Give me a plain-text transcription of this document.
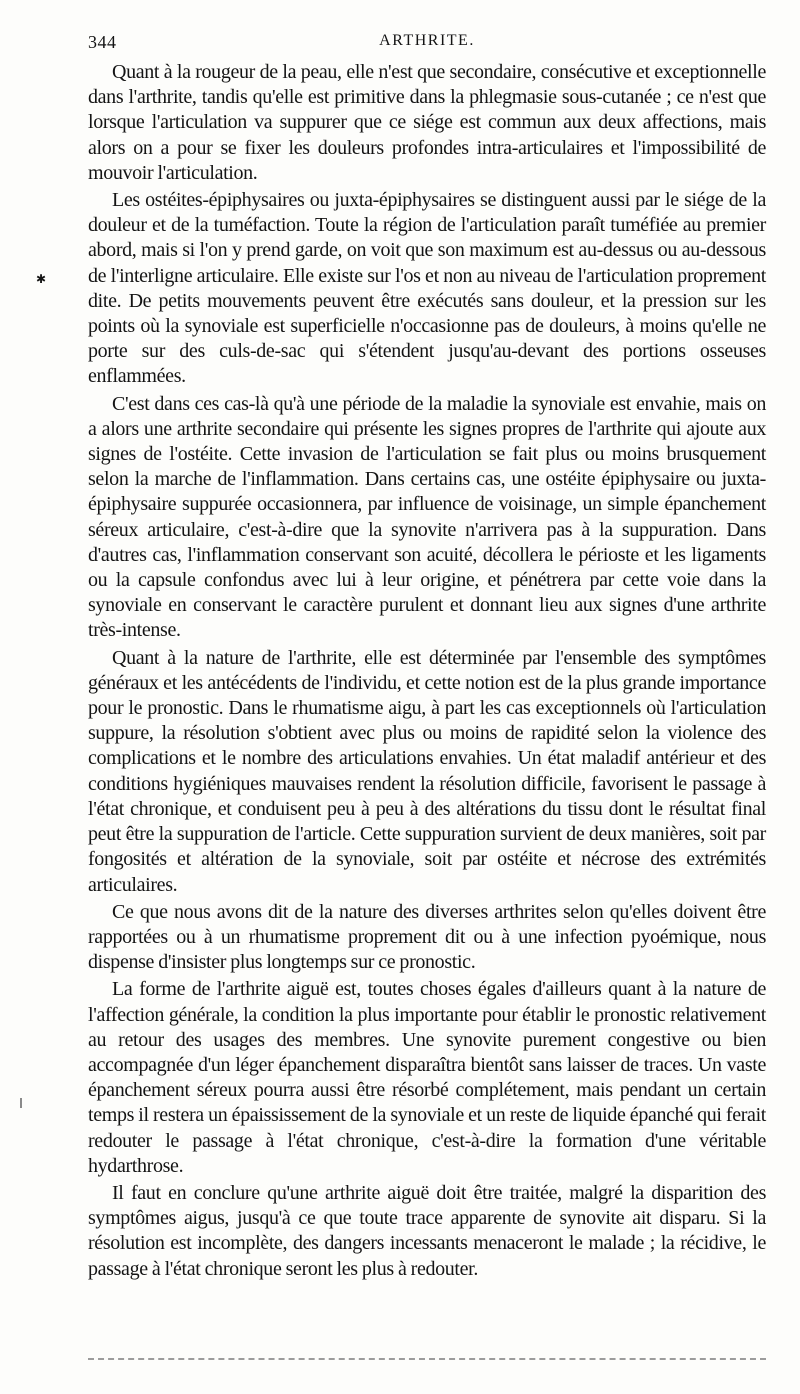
344	ARTHRITE.
✱

Quant à la rougeur de la peau, elle n'est que secondaire, consécutive et exceptionnelle dans l'arthrite, tandis qu'elle est primitive dans la phlegmasie sous-cutanée ; ce n'est que lorsque l'articulation va suppurer que ce siége est commun aux deux affections, mais alors on a pour se fixer les douleurs profondes intra-articulaires et l'impossibilité de mouvoir l'articulation.

Les ostéites-épiphysaires ou juxta-épiphysaires se distinguent aussi par le siége de la douleur et de la tuméfaction. Toute la région de l'articulation paraît tuméfiée au premier abord, mais si l'on y prend garde, on voit que son maximum est au-dessus ou au-dessous de l'interligne articulaire. Elle existe sur l'os et non au niveau de l'articulation proprement dite. De petits mouvements peuvent être exécutés sans douleur, et la pression sur les points où la synoviale est superficielle n'occasionne pas de douleurs, à moins qu'elle ne porte sur des culs-de-sac qui s'étendent jusqu'au-devant des portions osseuses enflammées.

C'est dans ces cas-là qu'à une période de la maladie la synoviale est envahie, mais on a alors une arthrite secondaire qui présente les signes propres de l'arthrite qui ajoute aux signes de l'ostéite. Cette invasion de l'articulation se fait plus ou moins brusquement selon la marche de l'inflammation. Dans certains cas, une ostéite épiphysaire ou juxta-épiphysaire suppurée occasionnera, par influence de voisinage, un simple épanchement séreux articulaire, c'est-à-dire que la synovite n'arrivera pas à la suppuration. Dans d'autres cas, l'inflammation conservant son acuité, décollera le périoste et les ligaments ou la capsule confondus avec lui à leur origine, et pénétrera par cette voie dans la synoviale en conservant le caractère purulent et donnant lieu aux signes d'une arthrite très-intense.

Quant à la nature de l'arthrite, elle est déterminée par l'ensemble des symptômes généraux et les antécédents de l'individu, et cette notion est de la plus grande importance pour le pronostic. Dans le rhumatisme aigu, à part les cas exceptionnels où l'articulation suppure, la résolution s'obtient avec plus ou moins de rapidité selon la violence des complications et le nombre des articulations envahies. Un état maladif antérieur et des conditions hygiéniques mauvaises rendent la résolution difficile, favorisent le passage à l'état chronique, et conduisent peu à peu à des altérations du tissu dont le résultat final peut être la suppuration de l'article. Cette suppuration survient de deux manières, soit par fongosités et altération de la synoviale, soit par ostéite et nécrose des extrémités articulaires.

Ce que nous avons dit de la nature des diverses arthrites selon qu'elles doivent être rapportées ou à un rhumatisme proprement dit ou à une infection pyoémique, nous dispense d'insister plus longtemps sur ce pronostic.

La forme de l'arthrite aiguë est, toutes choses égales d'ailleurs quant à la nature de l'affection générale, la condition la plus importante pour établir le pronostic relativement au retour des usages des membres. Une synovite purement congestive ou bien accompagnée d'un léger épanchement disparaîtra bientôt sans laisser de traces. Un vaste épanchement séreux pourra aussi être résorbé complétement, mais pendant un certain temps il restera un épaississement de la synoviale et un reste de liquide épanché qui ferait redouter le passage à l'état chronique, c'est-à-dire la formation d'une véritable hydarthrose.

Il faut en conclure qu'une arthrite aiguë doit être traitée, malgré la disparition des symptômes aigus, jusqu'à ce que toute trace apparente de synovite ait disparu. Si la résolution est incomplète, des dangers incessants menaceront le malade ; la récidive, le passage à l'état chronique seront les plus à redouter.
